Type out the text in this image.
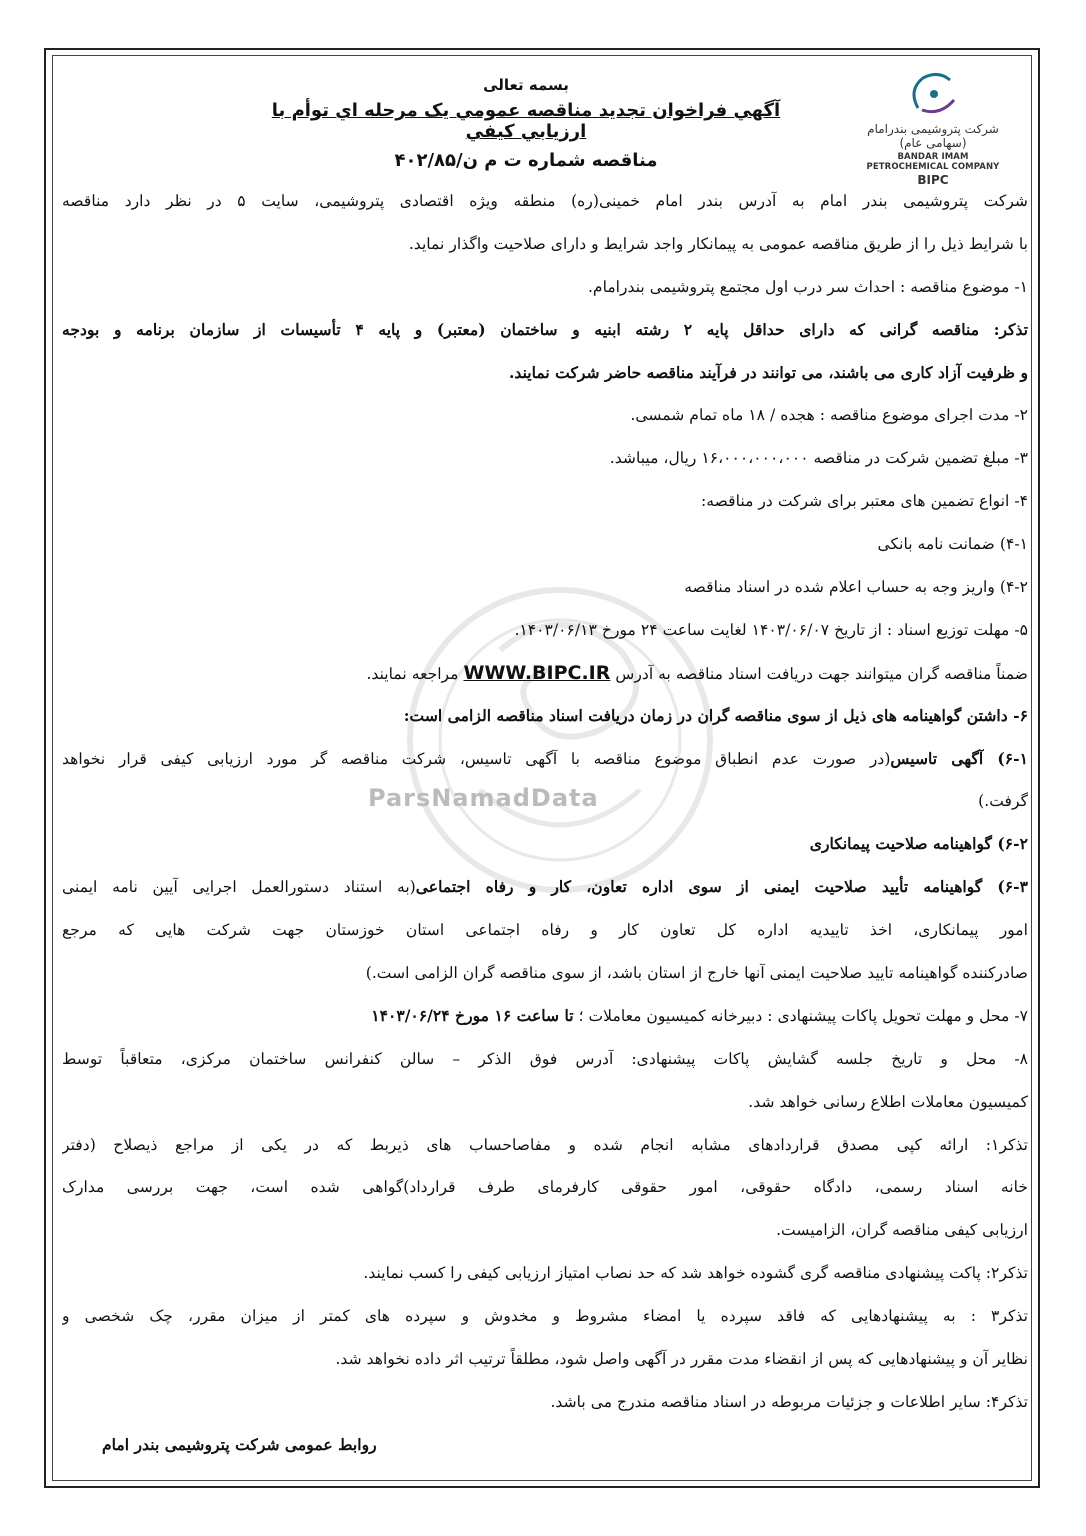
ParsNamadData
شرکت پتروشیمی بندرامام (سهامی عام)
BANDAR IMAM PETROCHEMICAL COMPANY
BIPC
بسمه تعالی
آگهي فراخوان تجديد مناقصه عمومي يک مرحله اي توأم با ارزيابي کيفي
مناقصه شماره ت م ن/۴۰۲/۸۵
شرکت پتروشیمی بندر امام به آدرس بندر امام خمینی(ره) منطقه ویژه اقتصادی پتروشیمی، سایت ۵ در نظر دارد مناقصه
با شرایط ذیل را از طریق مناقصه عمومی به پیمانکار واجد شرایط و دارای صلاحیت واگذار نماید.
۱- موضوع مناقصه : احداث سر درب اول مجتمع پتروشیمی بندرامام.
تذکر: مناقصه گرانی که دارای حداقل پایه ۲ رشته ابنیه و ساختمان (معتبر) و پایه ۴ تأسیسات از سازمان برنامه و بودجه
و ظرفیت آزاد کاری می باشند، می توانند در فرآیند مناقصه حاضر شرکت نمایند.
۲- مدت اجرای موضوع مناقصه : هجده / ۱۸ ماه تمام شمسی.
۳- مبلغ تضمین شرکت در مناقصه ۱۶،۰۰۰،۰۰۰،۰۰۰ ریال، میباشد.
۴- انواع تضمین های معتبر برای شرکت در مناقصه:
۴-۱) ضمانت نامه بانکی
۴-۲) واریز وجه به حساب اعلام شده در اسناد مناقصه
۵- مهلت توزیع اسناد : از تاریخ ۱۴۰۳/۰۶/۰۷ لغایت ساعت ۲۴ مورخ ۱۴۰۳/۰۶/۱۳.
ضمناً مناقصه گران میتوانند جهت دریافت اسناد مناقصه به آدرس WWW.BIPC.IR مراجعه نمایند.
۶- داشتن گواهینامه های ذیل از سوی مناقصه گران در زمان دریافت اسناد مناقصه الزامی است:
۶-۱) آگهی تاسیس(در صورت عدم انطباق موضوع مناقصه با آگهی تاسیس، شرکت مناقصه گر مورد ارزیابی کیفی قرار نخواهد
گرفت.)
۶-۲) گواهینامه صلاحیت پیمانکاری
۶-۳) گواهینامه تأیید صلاحیت ایمنی از سوی اداره تعاون، کار و رفاه اجتماعی(به استناد دستورالعمل اجرایی آیین نامه ایمنی
امور پیمانکاری، اخذ تاییدیه اداره کل تعاون کار و رفاه اجتماعی استان خوزستان جهت شرکت هایی که مرجع
صادرکننده گواهینامه تایید صلاحیت ایمنی آنها خارج از استان باشد، از سوی مناقصه گران الزامی است.)
۷- محل و مهلت تحویل پاکات پیشنهادی : دبیرخانه کمیسیون معاملات ؛ تا ساعت ۱۶ مورخ ۱۴۰۳/۰۶/۲۴
۸- محل و تاریخ جلسه گشایش پاکات پیشنهادی: آدرس فوق الذکر – سالن کنفرانس ساختمان مرکزی، متعاقباً توسط
کمیسیون معاملات اطلاع رسانی خواهد شد.
تذکر۱: ارائه کپی مصدق قراردادهای مشابه انجام شده و مفاصاحساب های ذیربط که در یکی از مراجع ذیصلاح (دفتر
خانه اسناد رسمی، دادگاه حقوقی، امور حقوقی کارفرمای طرف قرارداد)گواهی شده است، جهت بررسی مدارک
ارزیابی کیفی مناقصه گران، الزامیست.
تذکر۲: پاکت پیشنهادی مناقصه گری گشوده خواهد شد که حد نصاب امتیاز ارزیابی کیفی را کسب نمایند.
تذکر۳ : به پیشنهادهایی که فاقد سپرده یا امضاء مشروط و مخدوش و سپرده های کمتر از میزان مقرر، چک شخصی و
نظایر آن و پیشنهادهایی که پس از انقضاء مدت مقرر در آگهی واصل شود، مطلقاً ترتیب اثر داده نخواهد شد.
تذکر۴: سایر اطلاعات و جزئیات مربوطه در اسناد مناقصه مندرج می باشد.
روابط عمومی شرکت پتروشیمی بندر امام
